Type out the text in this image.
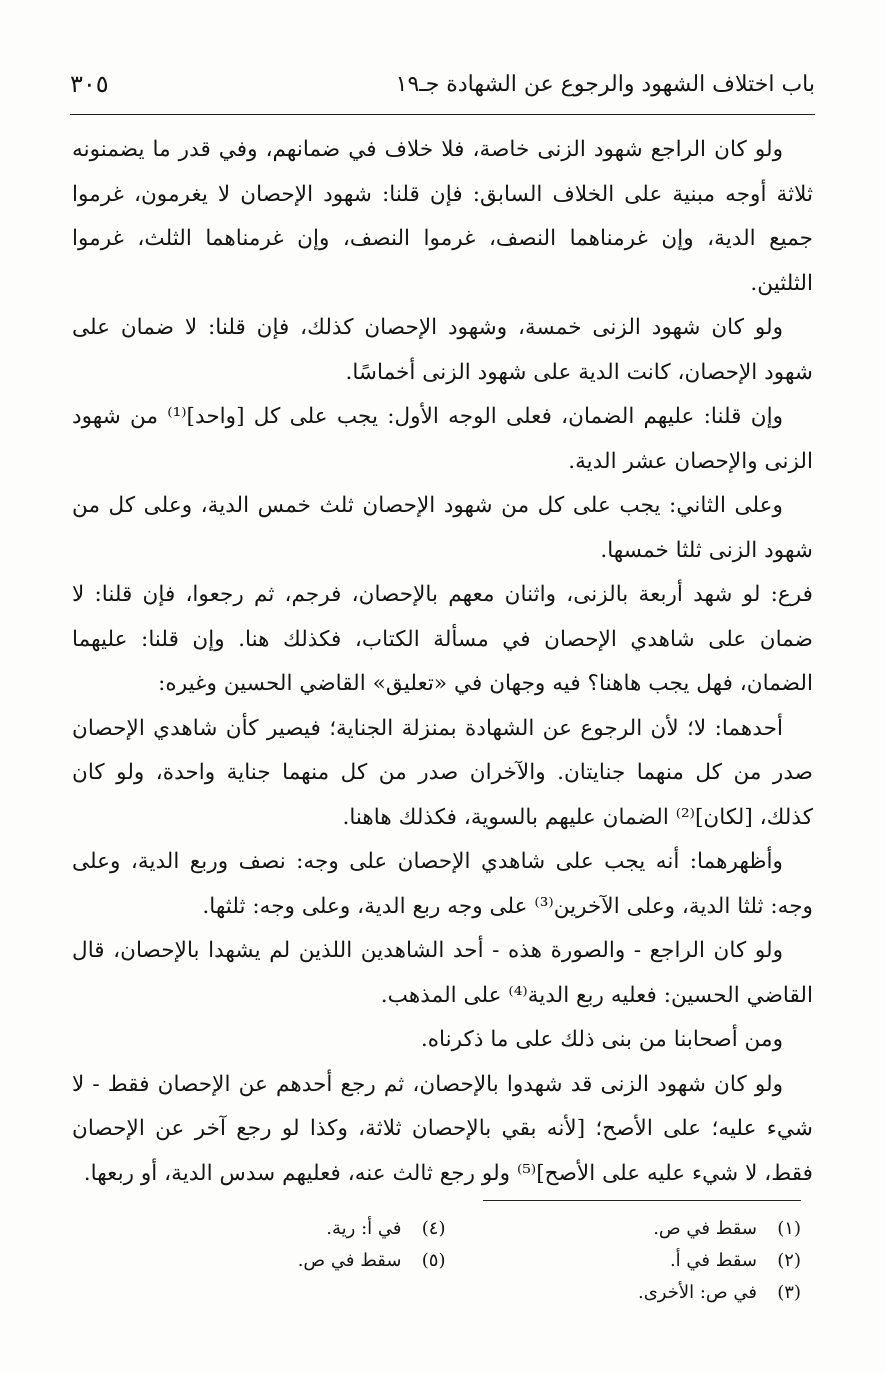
باب اختلاف الشهود والرجوع عن الشهادة جـ١٩
٣٠٥

ولو كان الراجع شهود الزنى خاصة، فلا خلاف في ضمانهم، وفي قدر ما يضمنونه ثلاثة أوجه مبنية على الخلاف السابق: فإن قلنا: شهود الإحصان لا يغرمون، غرموا جميع الدية، وإن غرمناهما النصف، غرموا النصف، وإن غرمناهما الثلث، غرموا الثلثين.

ولو كان شهود الزنى خمسة، وشهود الإحصان كذلك، فإن قلنا: لا ضمان على شهود الإحصان، كانت الدية على شهود الزنى أخماسًا.

وإن قلنا: عليهم الضمان، فعلى الوجه الأول: يجب على كل [واحد]⁽¹⁾ من شهود الزنى والإحصان عشر الدية.

وعلى الثاني: يجب على كل من شهود الإحصان ثلث خمس الدية، وعلى كل من شهود الزنى ثلثا خمسها.

فرع: لو شهد أربعة بالزنى، واثنان معهم بالإحصان، فرجم، ثم رجعوا، فإن قلنا: لا ضمان على شاهدي الإحصان في مسألة الكتاب، فكذلك هنا. وإن قلنا: عليهما الضمان، فهل يجب هاهنا؟ فيه وجهان في «تعليق» القاضي الحسين وغيره:

أحدهما: لا؛ لأن الرجوع عن الشهادة بمنزلة الجناية؛ فيصير كأن شاهدي الإحصان صدر من كل منهما جنايتان. والآخران صدر من كل منهما جناية واحدة، ولو كان كذلك، [لكان]⁽²⁾ الضمان عليهم بالسوية، فكذلك هاهنا.

وأظهرهما: أنه يجب على شاهدي الإحصان على وجه: نصف وربع الدية، وعلى وجه: ثلثا الدية، وعلى الآخرين⁽³⁾ على وجه ربع الدية، وعلى وجه: ثلثها.

ولو كان الراجع - والصورة هذه - أحد الشاهدين اللذين لم يشهدا بالإحصان، قال القاضي الحسين: فعليه ربع الدية⁽⁴⁾ على المذهب.

ومن أصحابنا من بنى ذلك على ما ذكرناه.

ولو كان شهود الزنى قد شهدوا بالإحصان، ثم رجع أحدهم عن الإحصان فقط - لا شيء عليه؛ على الأصح؛ [لأنه بقي بالإحصان ثلاثة، وكذا لو رجع آخر عن الإحصان فقط، لا شيء عليه على الأصح]⁽⁵⁾ ولو رجع ثالث عنه، فعليهم سدس الدية، أو ربعها.

(١)سقط في ص.
(٢)سقط في أ.
(٣)في ص: الأخرى.
(٤)في أ: رية.
(٥)سقط في ص.
